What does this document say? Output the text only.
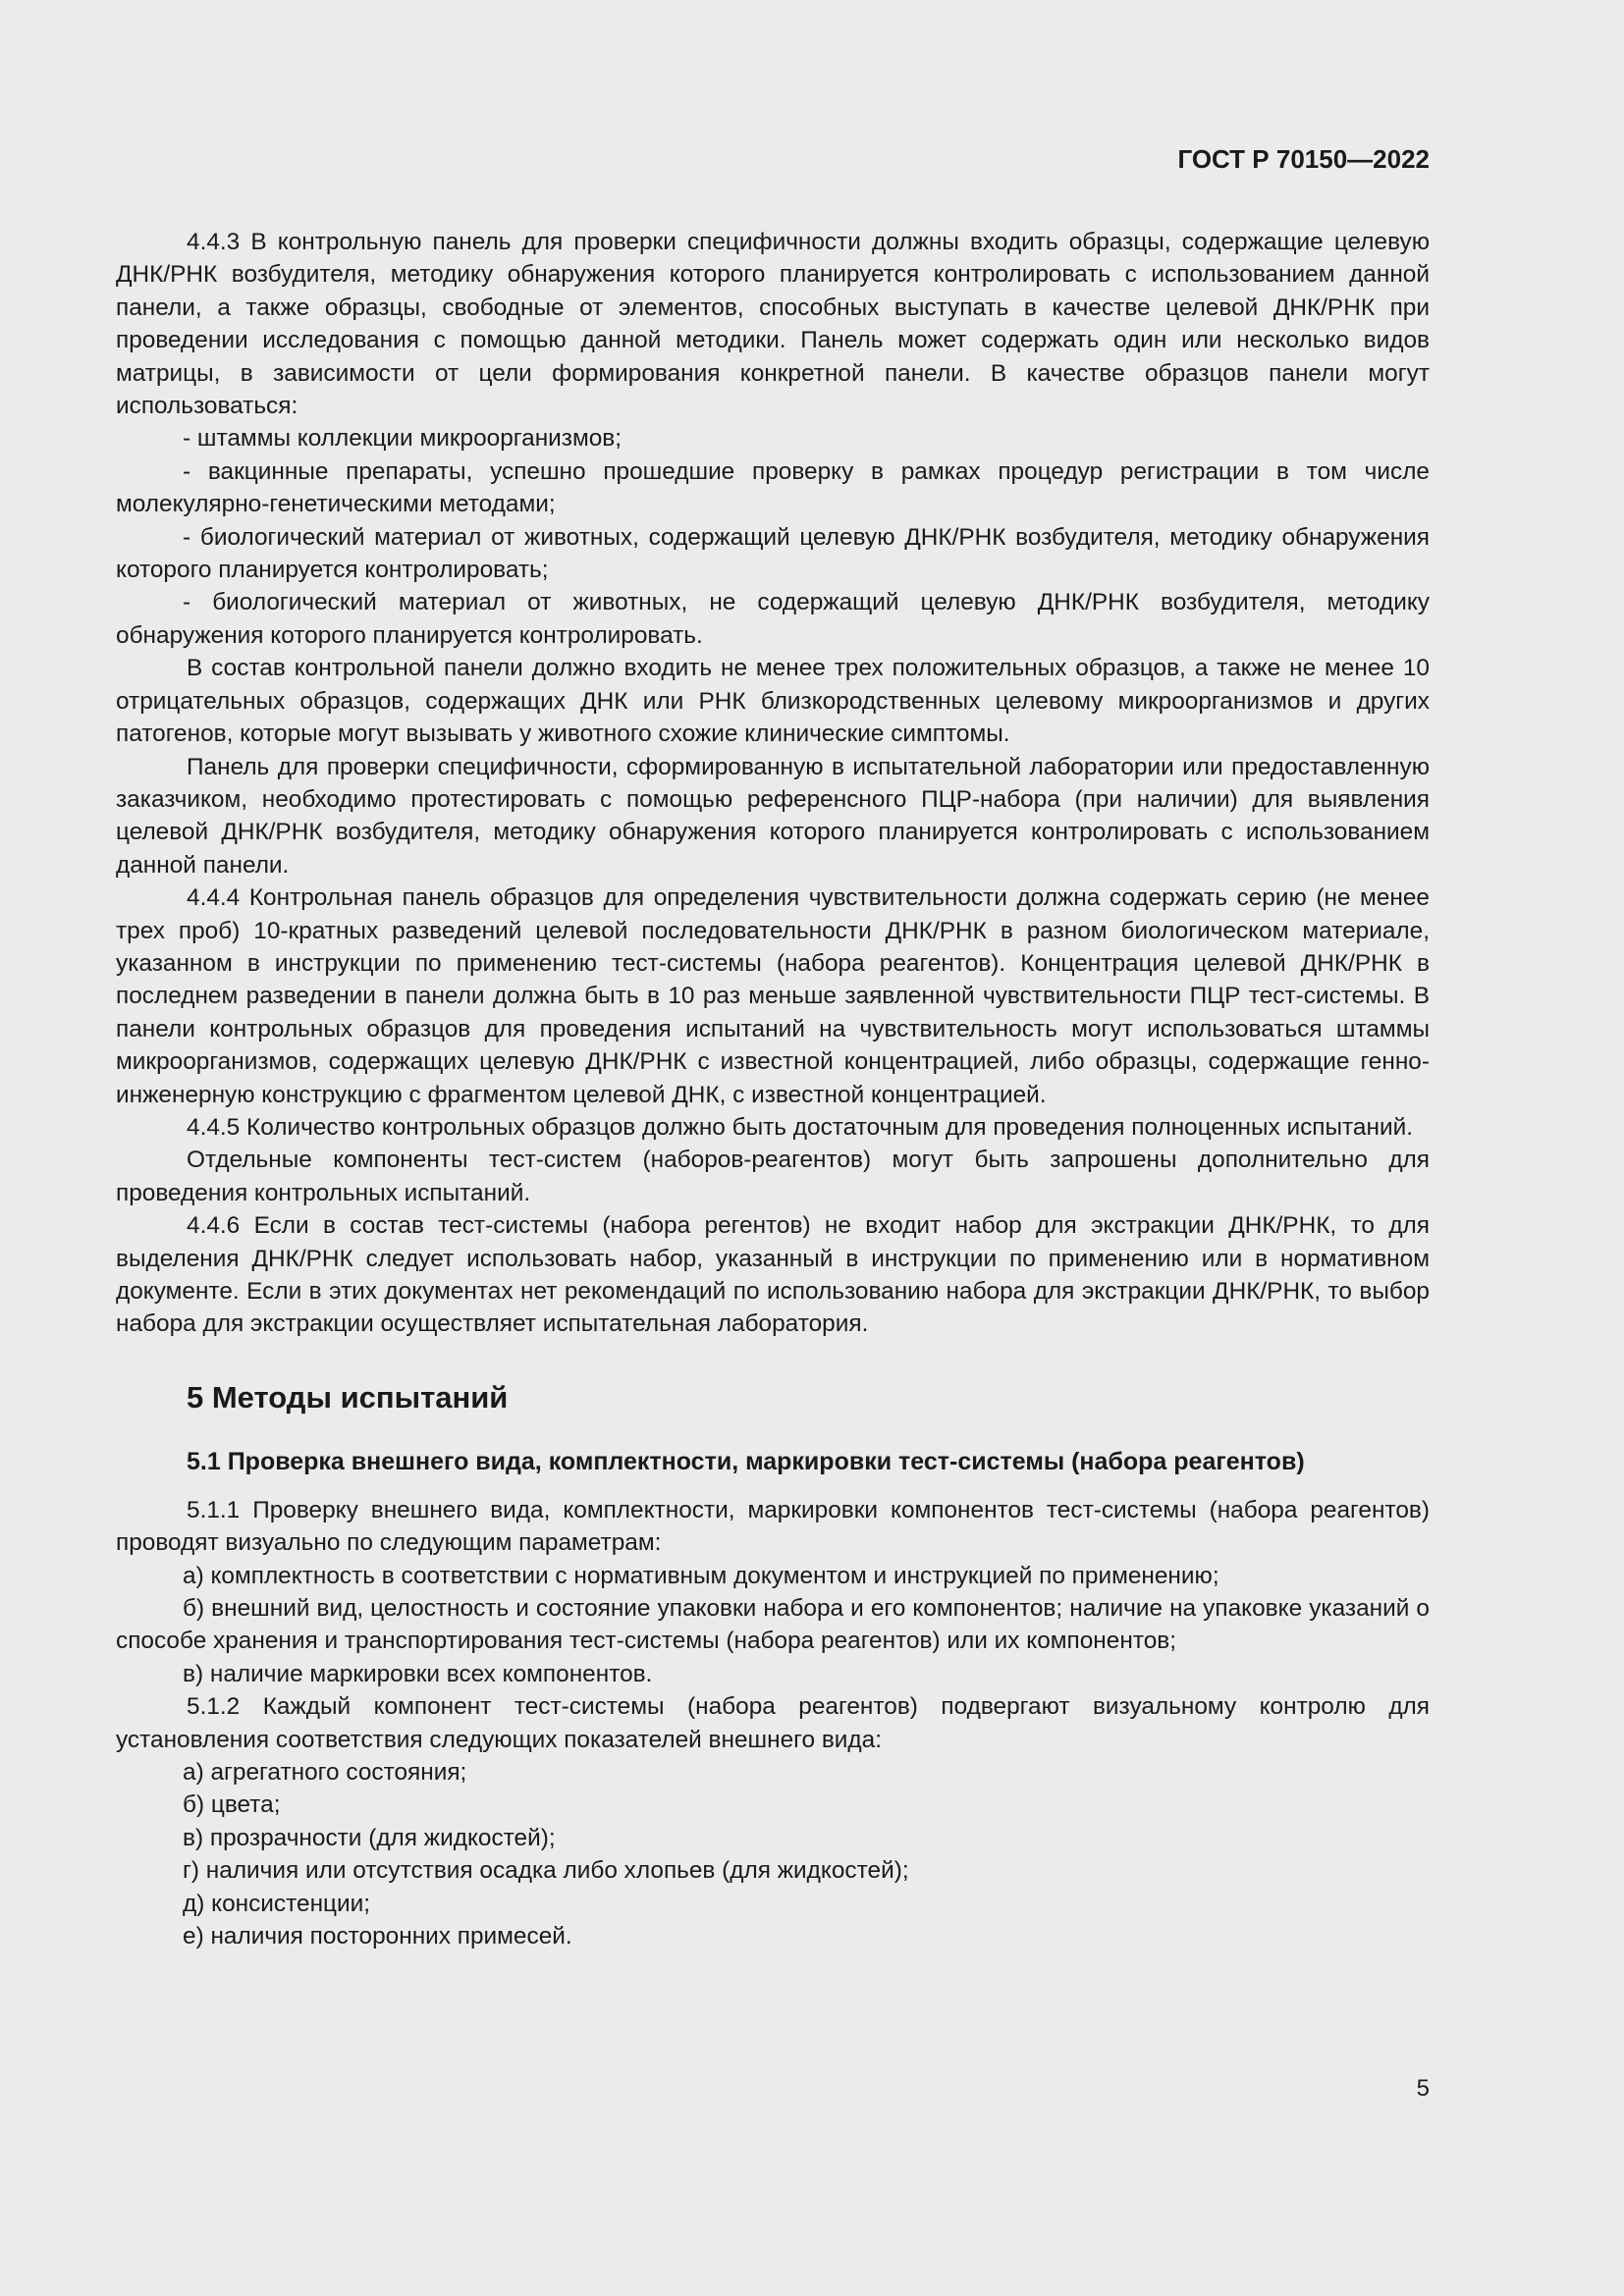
ГОСТ Р 70150—2022

4.4.3 В контрольную панель для проверки специфичности должны входить образцы, содержащие целевую ДНК/РНК возбудителя, методику обнаружения которого планируется контролировать с использованием данной панели, а также образцы, свободные от элементов, способных выступать в качестве целевой ДНК/РНК при проведении исследования с помощью данной методики. Панель может содержать один или несколько видов матрицы, в зависимости от цели формирования конкретной панели. В качестве образцов панели могут использоваться:

- штаммы коллекции микроорганизмов;

- вакцинные препараты, успешно прошедшие проверку в рамках процедур регистрации в том числе молекулярно-генетическими методами;

- биологический материал от животных, содержащий целевую ДНК/РНК возбудителя, методику обнаружения которого планируется контролировать;

- биологический материал от животных, не содержащий целевую ДНК/РНК возбудителя, методику обнаружения которого планируется контролировать.

В состав контрольной панели должно входить не менее трех положительных образцов, а также не менее 10 отрицательных образцов, содержащих ДНК или РНК близкородственных целевому микроорганизмов и других патогенов, которые могут вызывать у животного схожие клинические симптомы.

Панель для проверки специфичности, сформированную в испытательной лаборатории или предоставленную заказчиком, необходимо протестировать с помощью референсного ПЦР-набора (при наличии) для выявления целевой ДНК/РНК возбудителя, методику обнаружения которого планируется контролировать с использованием данной панели.

4.4.4 Контрольная панель образцов для определения чувствительности должна содержать серию (не менее трех проб) 10-кратных разведений целевой последовательности ДНК/РНК в разном биологическом материале, указанном в инструкции по применению тест-системы (набора реагентов). Концентрация целевой ДНК/РНК в последнем разведении в панели должна быть в 10 раз меньше заявленной чувствительности ПЦР тест-системы. В панели контрольных образцов для проведения испытаний на чувствительность могут использоваться штаммы микроорганизмов, содержащих целевую ДНК/РНК с известной концентрацией, либо образцы, содержащие генно-инженерную конструкцию с фрагментом целевой ДНК, с известной концентрацией.

4.4.5 Количество контрольных образцов должно быть достаточным для проведения полноценных испытаний.

Отдельные компоненты тест-систем (наборов-реагентов) могут быть запрошены дополнительно для проведения контрольных испытаний.

4.4.6 Если в состав тест-системы (набора регентов) не входит набор для экстракции ДНК/РНК, то для выделения ДНК/РНК следует использовать набор, указанный в инструкции по применению или в нормативном документе. Если в этих документах нет рекомендаций по использованию набора для экстракции ДНК/РНК, то выбор набора для экстракции осуществляет испытательная лаборатория.

5 Методы испытаний
5.1 Проверка внешнего вида, комплектности, маркировки тест-системы (набора реагентов)

5.1.1 Проверку внешнего вида, комплектности, маркировки компонентов тест-системы (набора реагентов) проводят визуально по следующим параметрам:

а) комплектность в соответствии с нормативным документом и инструкцией по применению;

б) внешний вид, целостность и состояние упаковки набора и его компонентов; наличие на упаковке указаний о способе хранения и транспортирования тест-системы (набора реагентов) или их компонентов;

в) наличие маркировки всех компонентов.

5.1.2 Каждый компонент тест-системы (набора реагентов) подвергают визуальному контролю для установления соответствия следующих показателей внешнего вида:

а) агрегатного состояния;

б) цвета;

в) прозрачности (для жидкостей);

г) наличия или отсутствия осадка либо хлопьев (для жидкостей);

д) консистенции;

е) наличия посторонних примесей.

5
